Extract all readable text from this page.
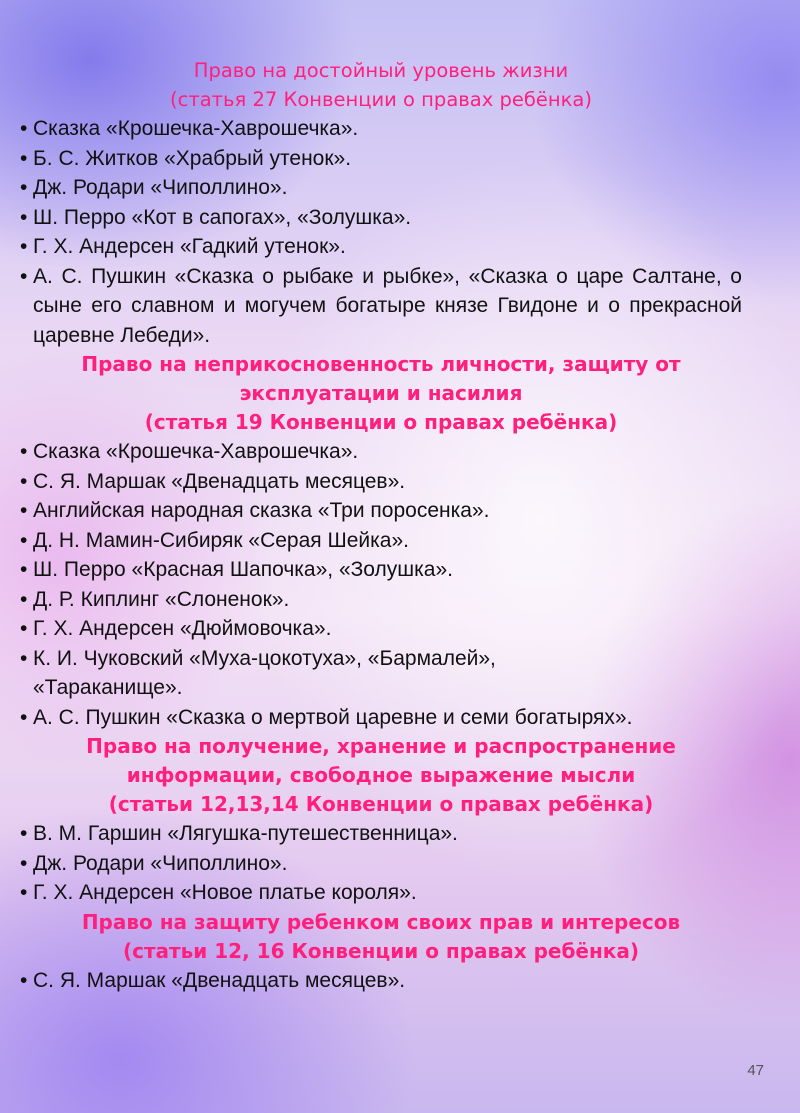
Право на достойный уровень жизни
(статья 27 Конвенции о правах ребёнка)
• Сказка «Крошечка-Хаврошечка».
• Б. С. Житков «Храбрый утенок».
• Дж. Родари «Чиполлино».
• Ш. Перро «Кот в сапогах», «Золушка».
• Г. Х. Андерсен «Гадкий утенок».
• А. С. Пушкин «Сказка о рыбаке и рыбке», «Сказка о царе Салтане, о сыне его славном и могучем богатыре князе Гвидоне и о прекрасной царевне Лебеди».
Право на неприкосновенность личности, защиту от
эксплуатации и насилия
(статья 19 Конвенции о правах ребёнка)
• Сказка «Крошечка-Хаврошечка».
• С. Я. Маршак «Двенадцать месяцев».
• Английская народная сказка «Три поросенка».
• Д. Н. Мамин-Сибиряк «Серая Шейка».
• Ш. Перро «Красная Шапочка», «Золушка».
• Д. Р. Киплинг «Слоненок».
• Г. Х. Андерсен «Дюймовочка».
• К. И. Чуковский «Муха-цокотуха», «Бармалей», «Тараканище».
• А. С. Пушкин «Сказка о мертвой царевне и семи богатырях».
Право на получение, хранение и распространение
информации, свободное выражение мысли
(статьи 12,13,14 Конвенции о правах ребёнка)
• В. М. Гаршин «Лягушка-путешественница».
• Дж. Родари «Чиполлино».
• Г. Х. Андерсен «Новое платье короля».
Право на защиту ребенком своих прав и интересов
(статьи 12, 16 Конвенции о правах ребёнка)
• С. Я. Маршак «Двенадцать месяцев».
47
